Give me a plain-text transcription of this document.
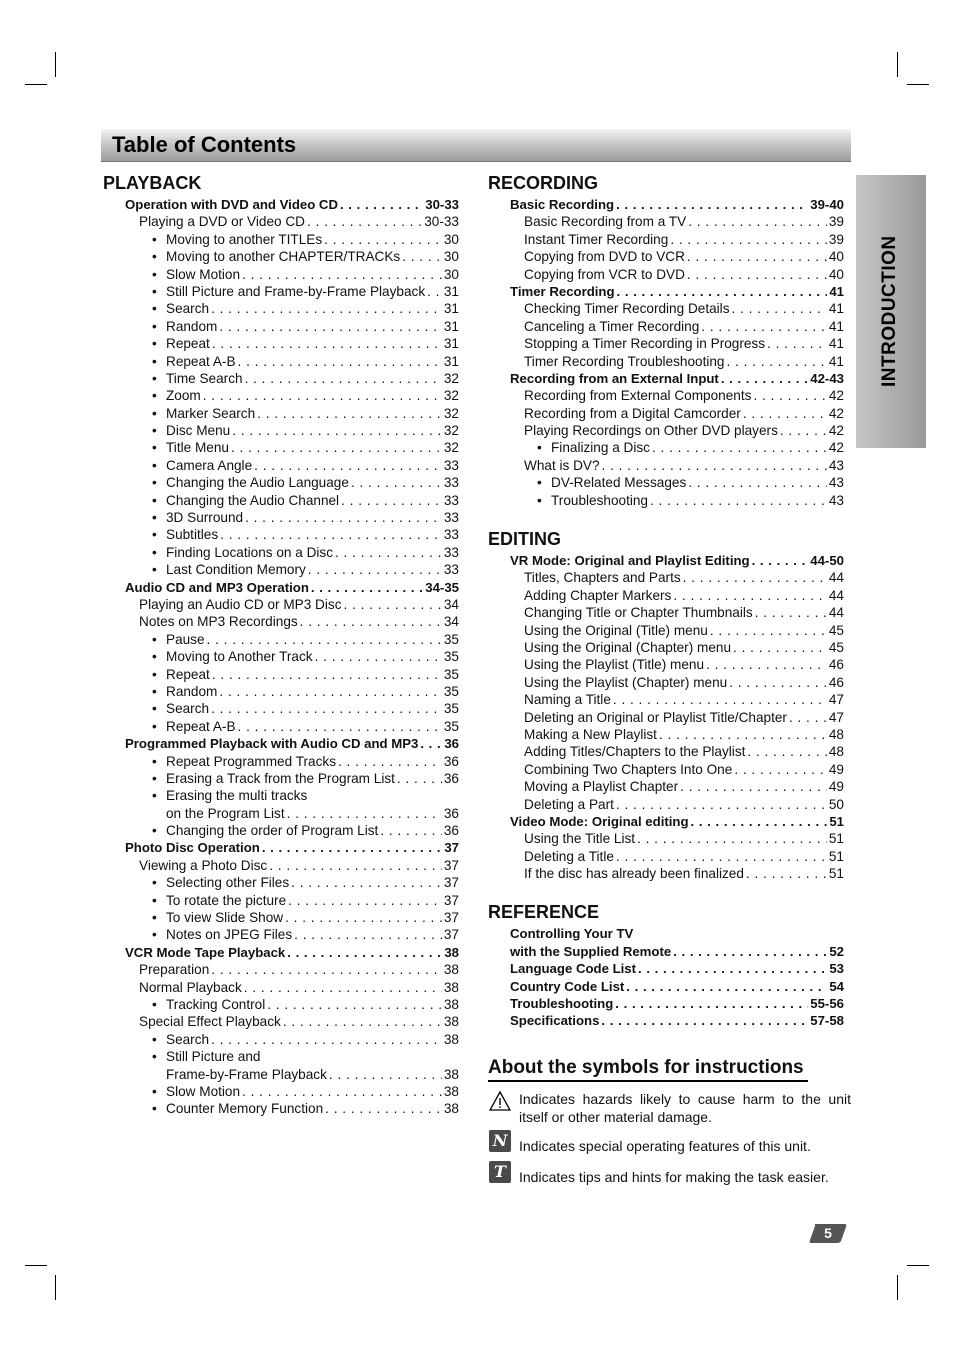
Table of Contents
INTRODUCTION
PLAYBACK
Operation with DVD and Video CD . . .	30-33
Playing a DVD or Video CD . . .	30-33
• Moving to another TITLEs . . .	30
• Moving to another CHAPTER/TRACKs . . .	30
• Slow Motion . . .	30
• Still Picture and Frame-by-Frame Playback . . . 31
• Search . . .	31
• Random . . .	31
• Repeat . . .	31
• Repeat A-B . . .	31
• Time Search . . .	32
• Zoom . . .	32
• Marker Search . . .	32
• Disc Menu . . .	32
• Title Menu . . .	32
• Camera Angle . . .	33
• Changing the Audio Language . . .	33
• Changing the Audio Channel . . .	33
• 3D Surround . . .	33
• Subtitles . . .	33
• Finding Locations on a Disc . . .	33
• Last Condition Memory . . .	33
Audio CD and MP3 Operation . . .	34-35
Playing an Audio CD or MP3 Disc . . .	34
Notes on MP3 Recordings . . .	34
• Pause . . .	35
• Moving to Another Track . . .	35
• Repeat . . .	35
• Random . . .	35
• Search . . .	35
• Repeat A-B . . .	35
Programmed Playback with Audio CD and MP3 . . . 36
• Repeat Programmed Tracks . . .	36
• Erasing a Track from the Program List . . .	36
• Erasing the multi tracks
on the Program List . . .	36
• Changing the order of Program List . . .	36
Photo Disc Operation . . .	37
Viewing a Photo Disc . . .	37
• Selecting other Files . . .	37
• To rotate the picture . . .	37
• To view Slide Show . . .	37
• Notes on JPEG Files . . .	37
VCR Mode Tape Playback . . .	38
Preparation . . .	38
Normal Playback . . .	38
• Tracking Control . . .	38
Special Effect Playback . . .	38
• Search . . .	38
• Still Picture and
Frame-by-Frame Playback . . .	38
• Slow Motion . . .	38
• Counter Memory Function . . .	38
RECORDING
Basic Recording . . .	39-40
Basic Recording from a TV . . .	39
Instant Timer Recording . . .	39
Copying from DVD to VCR . . .	40
Copying from VCR to DVD . . .	40
Timer Recording . . .	41
Checking Timer Recording Details . . .	41
Canceling a Timer Recording . . .	41
Stopping a Timer Recording in Progress . . .	41
Timer Recording Troubleshooting . . .	41
Recording from an External Input . . .	42-43
Recording from External Components . . .	42
Recording from a Digital Camcorder . . .	42
Playing Recordings on Other DVD players . . .	42
• Finalizing a Disc . . .	42
What is DV? . . .	43
• DV-Related Messages . . .	43
• Troubleshooting . . .	43
EDITING
VR Mode: Original and Playlist Editing . . .	44-50
Titles, Chapters and Parts . . .	44
Adding Chapter Markers . . .	44
Changing Title or Chapter Thumbnails . . .	44
Using the Original (Title) menu . . .	45
Using the Original (Chapter) menu . . .	45
Using the Playlist (Title) menu . . .	46
Using the Playlist (Chapter) menu . . .	46
Naming a Title . . .	47
Deleting an Original or Playlist Title/Chapter . . .	47
Making a New Playlist . . .	48
Adding Titles/Chapters to the Playlist . . .	48
Combining Two Chapters Into One . . .	49
Moving a Playlist Chapter . . .	49
Deleting a Part . . .	50
Video Mode: Original editing . . .	51
Using the Title List . . .	51
Deleting a Title . . .	51
If the disc has already been finalized . . .	51
REFERENCE
Controlling Your TV
with the Supplied Remote . . .	52
Language Code List . . .	53
Country Code List . . .	54
Troubleshooting . . .	55-56
Specifications . . .	57-58
About the symbols for instructions
Indicates hazards likely to cause harm to the unit itself or other material damage.
N Indicates special operating features of this unit.
T Indicates tips and hints for making the task easier.
5
